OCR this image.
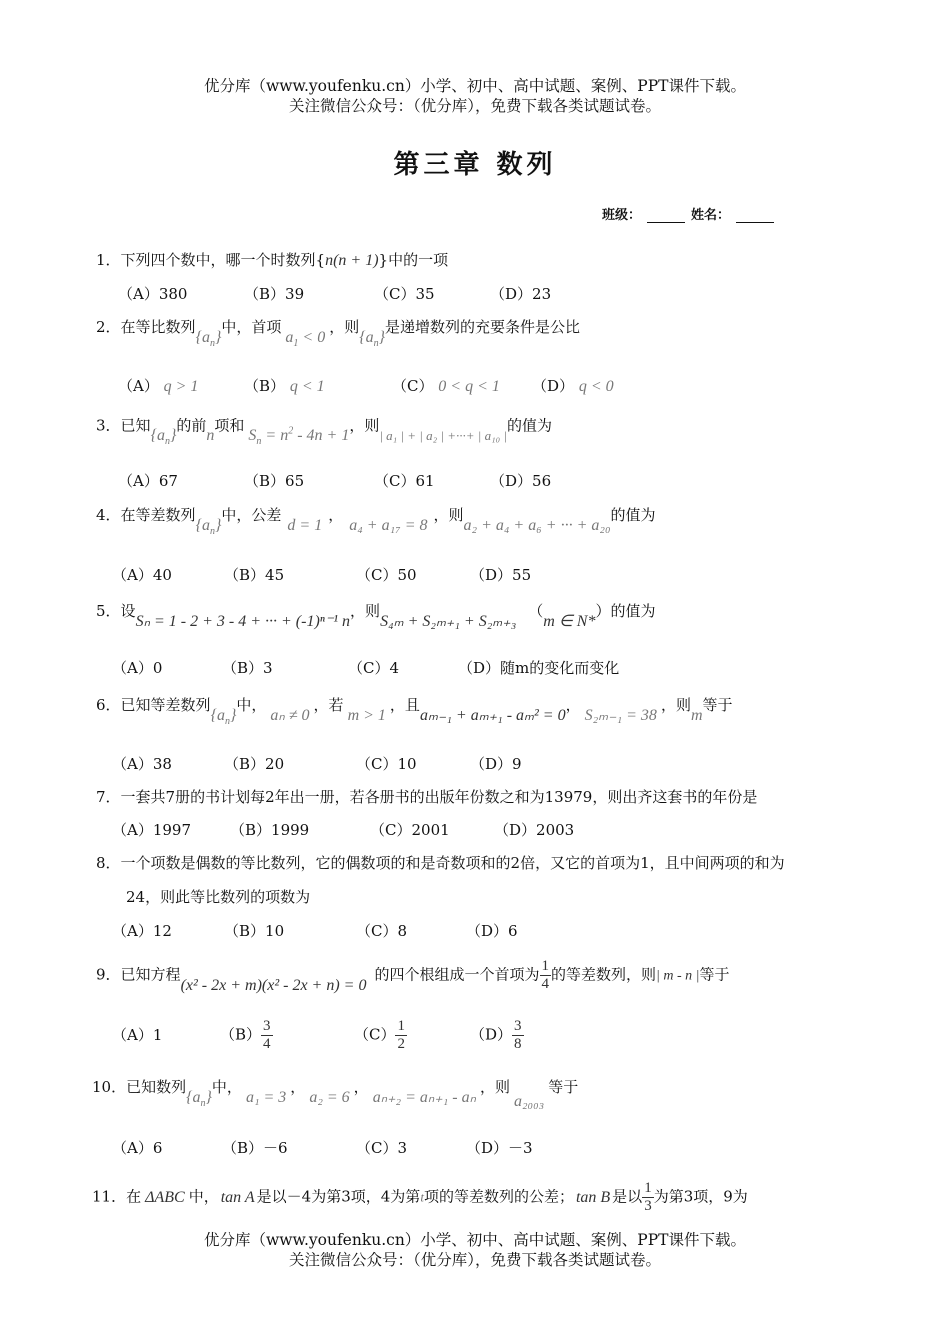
优分库（www.youfenku.cn）小学、初中、高中试题、案例、PPT课件下载。
关注微信公众号：（优分库），免费下载各类试题试卷。
第三章 数列
班级：	姓名：
1．下列四个数中，哪一个时数列{n(n + 1)}中的一项
（A）380	（B）39	（C）35	（D）23
2．在等比数列$\{a_n\}$中，首项$a_1 < 0$，则$\{a_n\}$是递增数列的充要条件是公比
（A） q > 1	（B） q < 1	（C） 0 < q < 1 （D） q < 0
3．已知$\{a_n\}$的前n项和$S_n = n^2 - 4n + 1$，则| a₁ | + | a₂ | +···+ | a₁₀ |的值为
（A）67	（B）65	（C）61	（D）56
4．在等差数列$\{a_n\}$中，公差d = 1，a₄ + a₁₇ = 8，则a₂ + a₄ + a₆ + ··· + a₂₀的值为
（A）40	（B）45	（C）50	（D）55
5．设Sₙ = 1 - 2 + 3 - 4 + ··· + (-1)ⁿ⁻¹ n，则S₄ₘ + S₂ₘ₊₁ + S₂ₘ₊₃（m ∈ N*）的值为
（A）0	（B）3	（C）4	（D）随m的变化而变化
6．已知等差数列$\{a_n\}$中，aₙ ≠ 0，若m > 1，且aₘ₋₁ + aₘ₊₁ - aₘ² = 0，S₂ₘ₋₁ = 38，则m等于
（A）38	（B）20	（C）10	（D）9
7．一套共7册的书计划每2年出一册，若各册书的出版年份数之和为13979，则出齐这套书的年份是
（A）1997	（B）1999	（C）2001	（D）2003
8．一个项数是偶数的等比数列，它的偶数项的和是奇数项和的2倍，又它的首项为1，且中间两项的和为
24，则此等比数列的项数为
（A）12	（B）10	（C）8	（D）6
9．已知方程(x² - 2x + m)(x² - 2x + n) = 0的四个根组成一个首项为 $\frac{1}{4}$ 的等差数列，则| m - n |等于
（A）1	$(B) \frac{3}{4}$	$(C) \frac{1}{2}$	$(D) \frac{3}{8}$
10．已知数列$\{a_n\}$中，a₁ = 3，a₂ = 6，aₙ₊₂ = aₙ₊₁ - aₙ，则a₂₀₀₃等于
（A）6	（B）－6	（C）3	（D）－3
11．在 ΔABC 中， tan A 是以－4为第3项，4为第t项的等差数列的公差； tan B 是以 $\frac{1}{3}$ 为第3项，9为
优分库（www.youfenku.cn）小学、初中、高中试题、案例、PPT课件下载。
关注微信公众号：（优分库），免费下载各类试题试卷。
